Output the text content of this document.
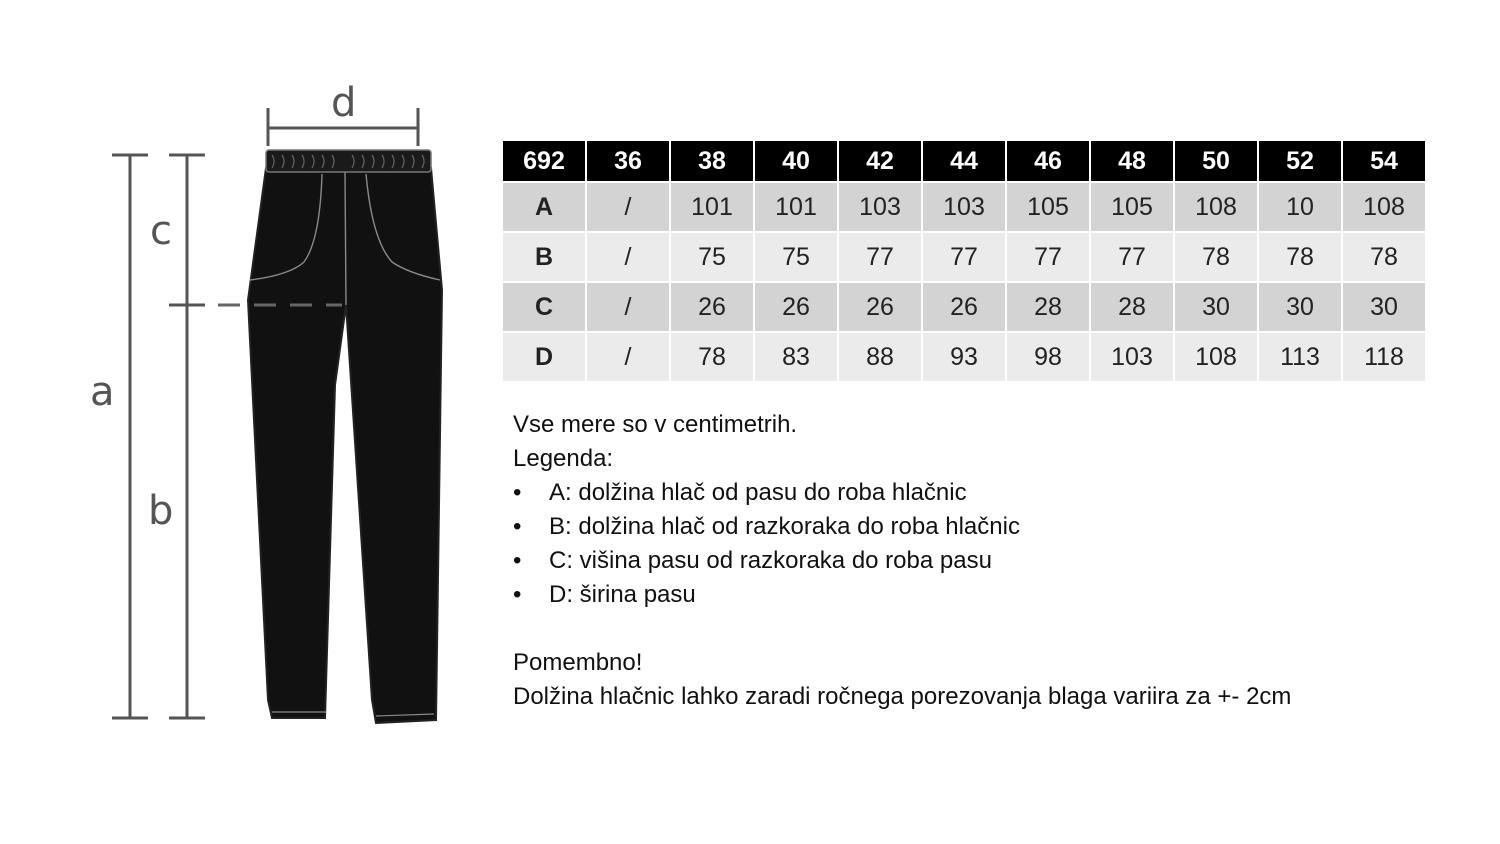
d
a
c
b
692	36	38	40	42	44	46	48	50	52	54
A	/	101	101	103	103	105	105	108	10	108
B	/	75	75	77	77	77	77	78	78	78
C	/	26	26	26	26	28	28	30	30	30
D	/	78	83	88	93	98	103	108	113	118

Vse mere so v centimetrih.

Legenda:

• A: dolžina hlač od pasu do roba hlačnic
• B: dolžina hlač od razkoraka do roba hlačnic
• C: višina pasu od razkoraka do roba pasu
• D: širina pasu

Pomembno!

Dolžina hlačnic lahko zaradi ročnega porezovanja blaga variira za +- 2cm
